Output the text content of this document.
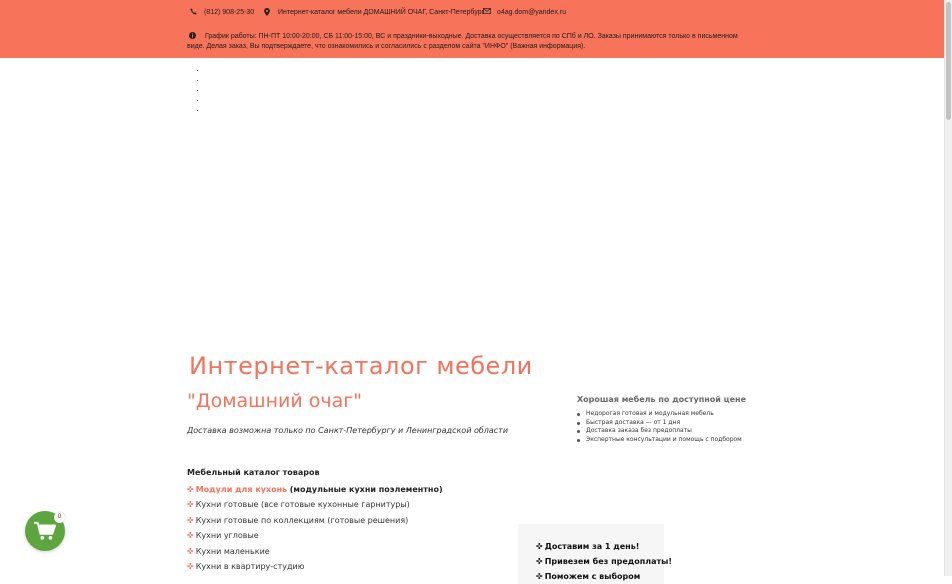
(812) 908-25-30	Интернет-каталог мебели ДОМАШНИЙ ОЧАГ, Санкт-Петербург o4ag.dom@yandex.ru
График работы: ПН-ПТ 10:00-20:00, СБ 11:00-15:00, ВС и праздники-выходные. Доставка осуществляется по СПб и ЛО. Заказы принимаются только в письменном виде. Делая заказ, Вы подтверждаете, что ознакомились и согласились с разделом сайта "ИНФО" (Важная информация).
Интернет-каталог мебели
"Домашний очаг"
Доставка возможна только по Санкт-Петербургу и Ленинградской области
Хорошая мебель по доступной цене
Недорогая готовая и модульная мебель
Быстрая доставка — от 1 дня
Доставка заказа без предоплаты
Экспертные консультации и помощь с подбором
Мебельный каталог товаров
✜ Модули для кухонь (модульные кухни поэлементно)
✜ Кухни готовые (все готовые кухонные гарнитуры)
✜ Кухни готовые по коллекциям (готовые решения)
✜ Кухни угловые
✜ Кухни маленькие
✜ Кухни в квартиру-студию
✜ Доставим за 1 день!
✜ Привезем без предоплаты!
✜ Поможем с выбором
0
